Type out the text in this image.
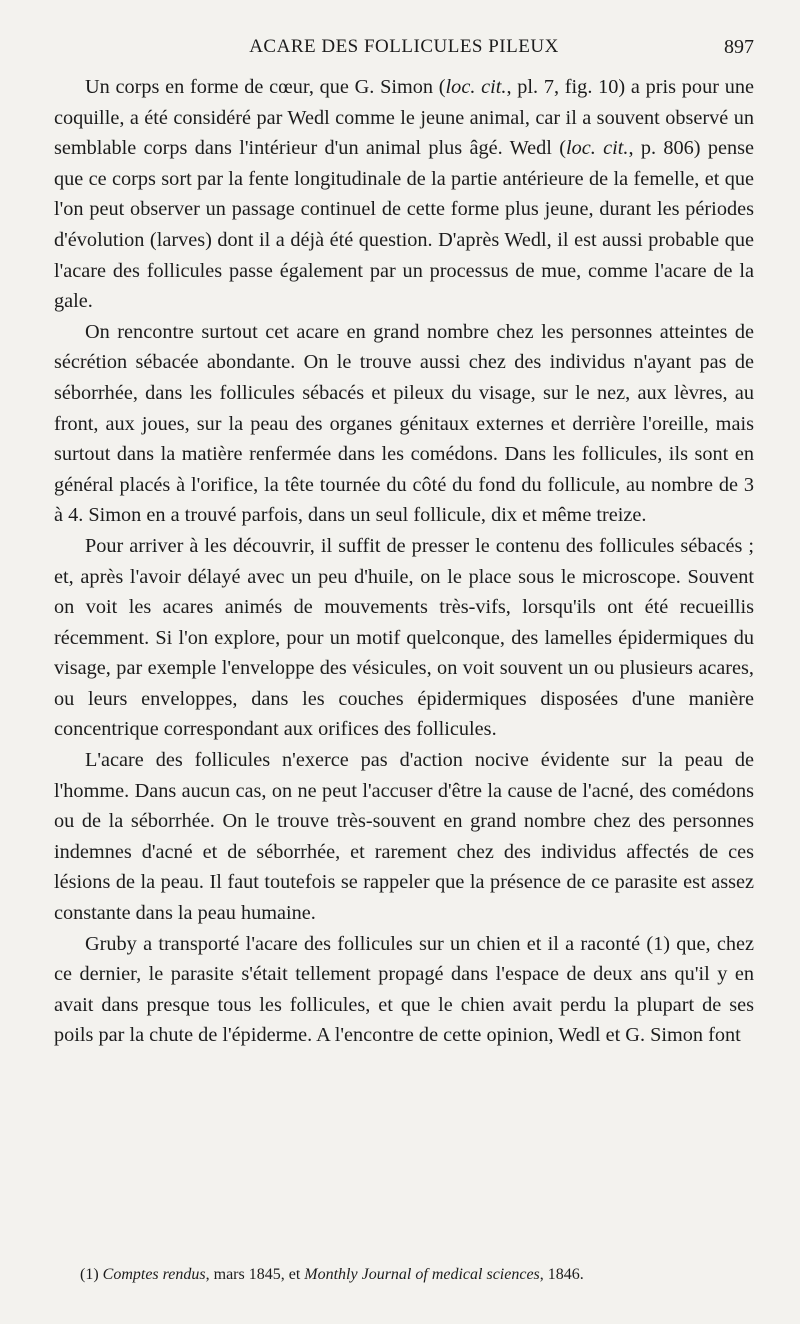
ACARE DES FOLLICULES PILEUX	897

Un corps en forme de cœur, que G. Simon (loc. cit., pl. 7, fig. 10) a pris pour une coquille, a été considéré par Wedl comme le jeune animal, car il a souvent observé un semblable corps dans l'intérieur d'un animal plus âgé. Wedl (loc. cit., p. 806) pense que ce corps sort par la fente longitudinale de la partie antérieure de la femelle, et que l'on peut observer un passage continuel de cette forme plus jeune, durant les périodes d'évolution (larves) dont il a déjà été question. D'après Wedl, il est aussi probable que l'acare des follicules passe également par un processus de mue, comme l'acare de la gale.

On rencontre surtout cet acare en grand nombre chez les personnes atteintes de sécrétion sébacée abondante. On le trouve aussi chez des individus n'ayant pas de séborrhée, dans les follicules sébacés et pileux du visage, sur le nez, aux lèvres, au front, aux joues, sur la peau des organes génitaux externes et derrière l'oreille, mais surtout dans la matière renfermée dans les comédons. Dans les follicules, ils sont en général placés à l'orifice, la tête tournée du côté du fond du follicule, au nombre de 3 à 4. Simon en a trouvé parfois, dans un seul follicule, dix et même treize.

Pour arriver à les découvrir, il suffit de presser le contenu des follicules sébacés ; et, après l'avoir délayé avec un peu d'huile, on le place sous le microscope. Souvent on voit les acares animés de mouvements très-vifs, lorsqu'ils ont été recueillis récemment. Si l'on explore, pour un motif quelconque, des lamelles épidermiques du visage, par exemple l'enveloppe des vésicules, on voit souvent un ou plusieurs acares, ou leurs enveloppes, dans les couches épidermiques disposées d'une manière concentrique correspondant aux orifices des follicules.

L'acare des follicules n'exerce pas d'action nocive évidente sur la peau de l'homme. Dans aucun cas, on ne peut l'accuser d'être la cause de l'acné, des comédons ou de la séborrhée. On le trouve très-souvent en grand nombre chez des personnes indemnes d'acné et de séborrhée, et rarement chez des individus affectés de ces lésions de la peau. Il faut toutefois se rappeler que la présence de ce parasite est assez constante dans la peau humaine.

Gruby a transporté l'acare des follicules sur un chien et il a raconté (1) que, chez ce dernier, le parasite s'était tellement propagé dans l'espace de deux ans qu'il y en avait dans presque tous les follicules, et que le chien avait perdu la plupart de ses poils par la chute de l'épiderme. A l'encontre de cette opinion, Wedl et G. Simon font

(1) Comptes rendus, mars 1845, et Monthly Journal of medical sciences, 1846.
